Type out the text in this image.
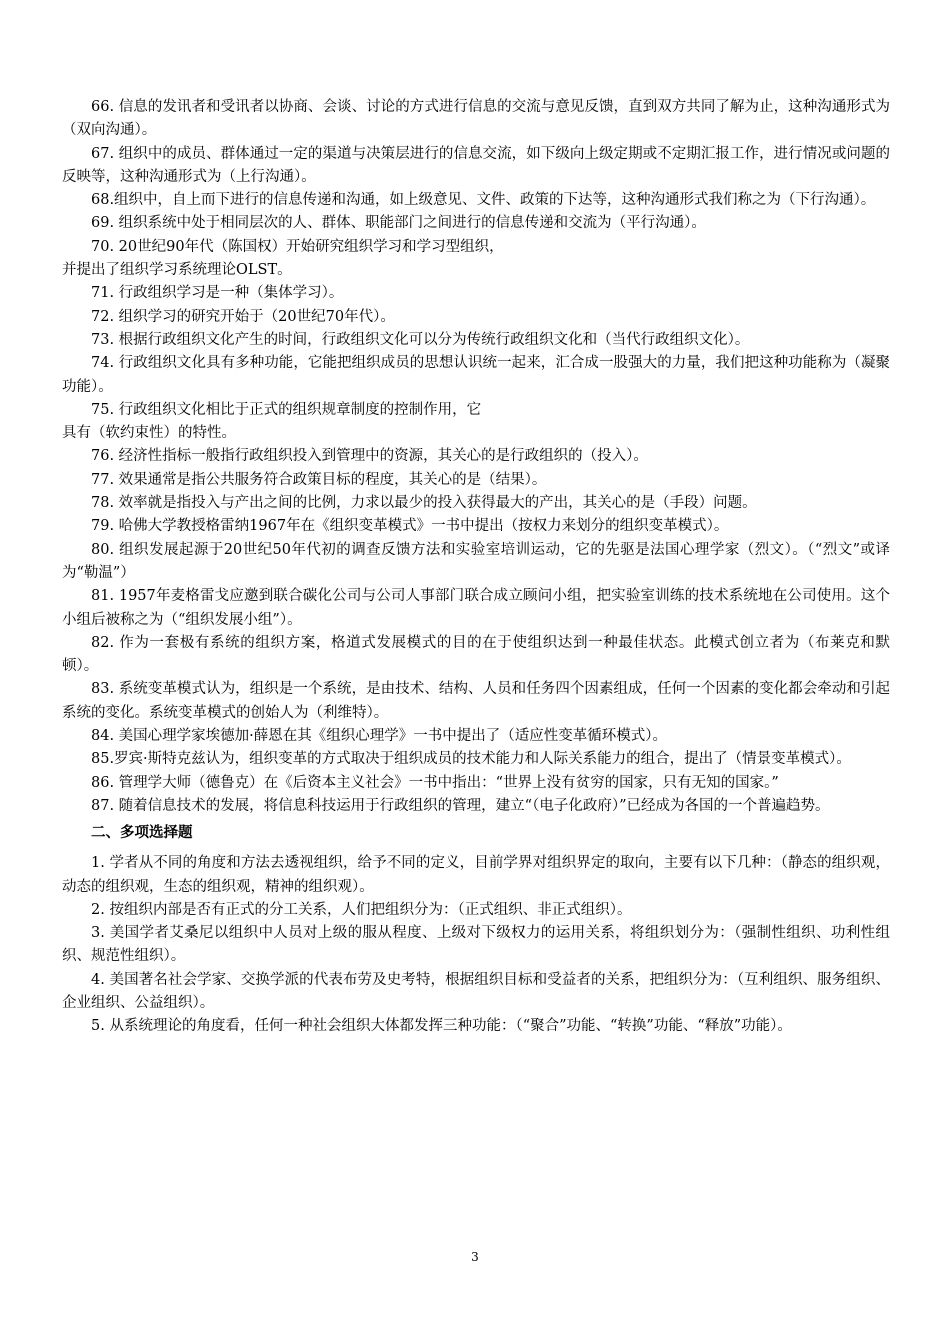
66. 信息的发讯者和受讯者以协商、会谈、讨论的方式进行信息的交流与意见反馈，直到双方共同了解为止，这种沟通形式为（双向沟通）。

67. 组织中的成员、群体通过一定的渠道与决策层进行的信息交流，如下级向上级定期或不定期汇报工作，进行情况或问题的反映等，这种沟通形式为（上行沟通）。

68.组织中，自上而下进行的信息传递和沟通，如上级意见、文件、政策的下达等，这种沟通形式我们称之为（下行沟通）。

69. 组织系统中处于相同层次的人、群体、职能部门之间进行的信息传递和交流为（平行沟通）。

70. 20世纪90年代（陈国权）开始研究组织学习和学习型组织，

并提出了组织学习系统理论OLST。

71. 行政组织学习是一种（集体学习）。

72. 组织学习的研究开始于（20世纪70年代）。

73. 根据行政组织文化产生的时间，行政组织文化可以分为传统行政组织文化和（当代行政组织文化）。

74. 行政组织文化具有多种功能，它能把组织成员的思想认识统一起来，汇合成一股强大的力量，我们把这种功能称为（凝聚功能）。

75. 行政组织文化相比于正式的组织规章制度的控制作用，它

具有（软约束性）的特性。

76. 经济性指标一般指行政组织投入到管理中的资源，其关心的是行政组织的（投入）。

77. 效果通常是指公共服务符合政策目标的程度，其关心的是（结果）。

78. 效率就是指投入与产出之间的比例，力求以最少的投入获得最大的产出，其关心的是（手段）问题。

79. 哈佛大学教授格雷纳1967年在《组织变革模式》一书中提出（按权力来划分的组织变革模式）。

80. 组织发展起源于20世纪50年代初的调查反馈方法和实验室培训运动，它的先驱是法国心理学家（烈文）。（“烈文”或译为“勒温”）

81. 1957年麦格雷戈应邀到联合碳化公司与公司人事部门联合成立顾问小组，把实验室训练的技术系统地在公司使用。这个小组后被称之为（“组织发展小组”）。

82. 作为一套极有系统的组织方案，格道式发展模式的目的在于使组织达到一种最佳状态。此模式创立者为（布莱克和默顿）。

83. 系统变革模式认为，组织是一个系统，是由技术、结构、人员和任务四个因素组成，任何一个因素的变化都会牵动和引起系统的变化。系统变革模式的创始人为（利维特）。

84. 美国心理学家埃德加·薛恩在其《组织心理学》一书中提出了（适应性变革循环模式）。

85.罗宾·斯特克兹认为，组织变革的方式取决于组织成员的技术能力和人际关系能力的组合，提出了（情景变革模式）。

86. 管理学大师（德鲁克）在《后资本主义社会》一书中指出：“世界上没有贫穷的国家，只有无知的国家。”

87. 随着信息技术的发展，将信息科技运用于行政组织的管理，建立“（电子化政府）”已经成为各国的一个普遍趋势。

二、多项选择题

1. 学者从不同的角度和方法去透视组织，给予不同的定义，目前学界对组织界定的取向，主要有以下几种：（静态的组织观，动态的组织观，生态的组织观，精神的组织观）。

2. 按组织内部是否有正式的分工关系，人们把组织分为：（正式组织、非正式组织）。

3. 美国学者艾桑尼以组织中人员对上级的服从程度、上级对下级权力的运用关系，将组织划分为：（强制性组织、功利性组织、规范性组织）。

4. 美国著名社会学家、交换学派的代表布劳及史考特，根据组织目标和受益者的关系，把组织分为：（互利组织、服务组织、企业组织、公益组织）。

5. 从系统理论的角度看，任何一种社会组织大体都发挥三种功能：（“聚合”功能、“转换”功能、“释放”功能）。

3
